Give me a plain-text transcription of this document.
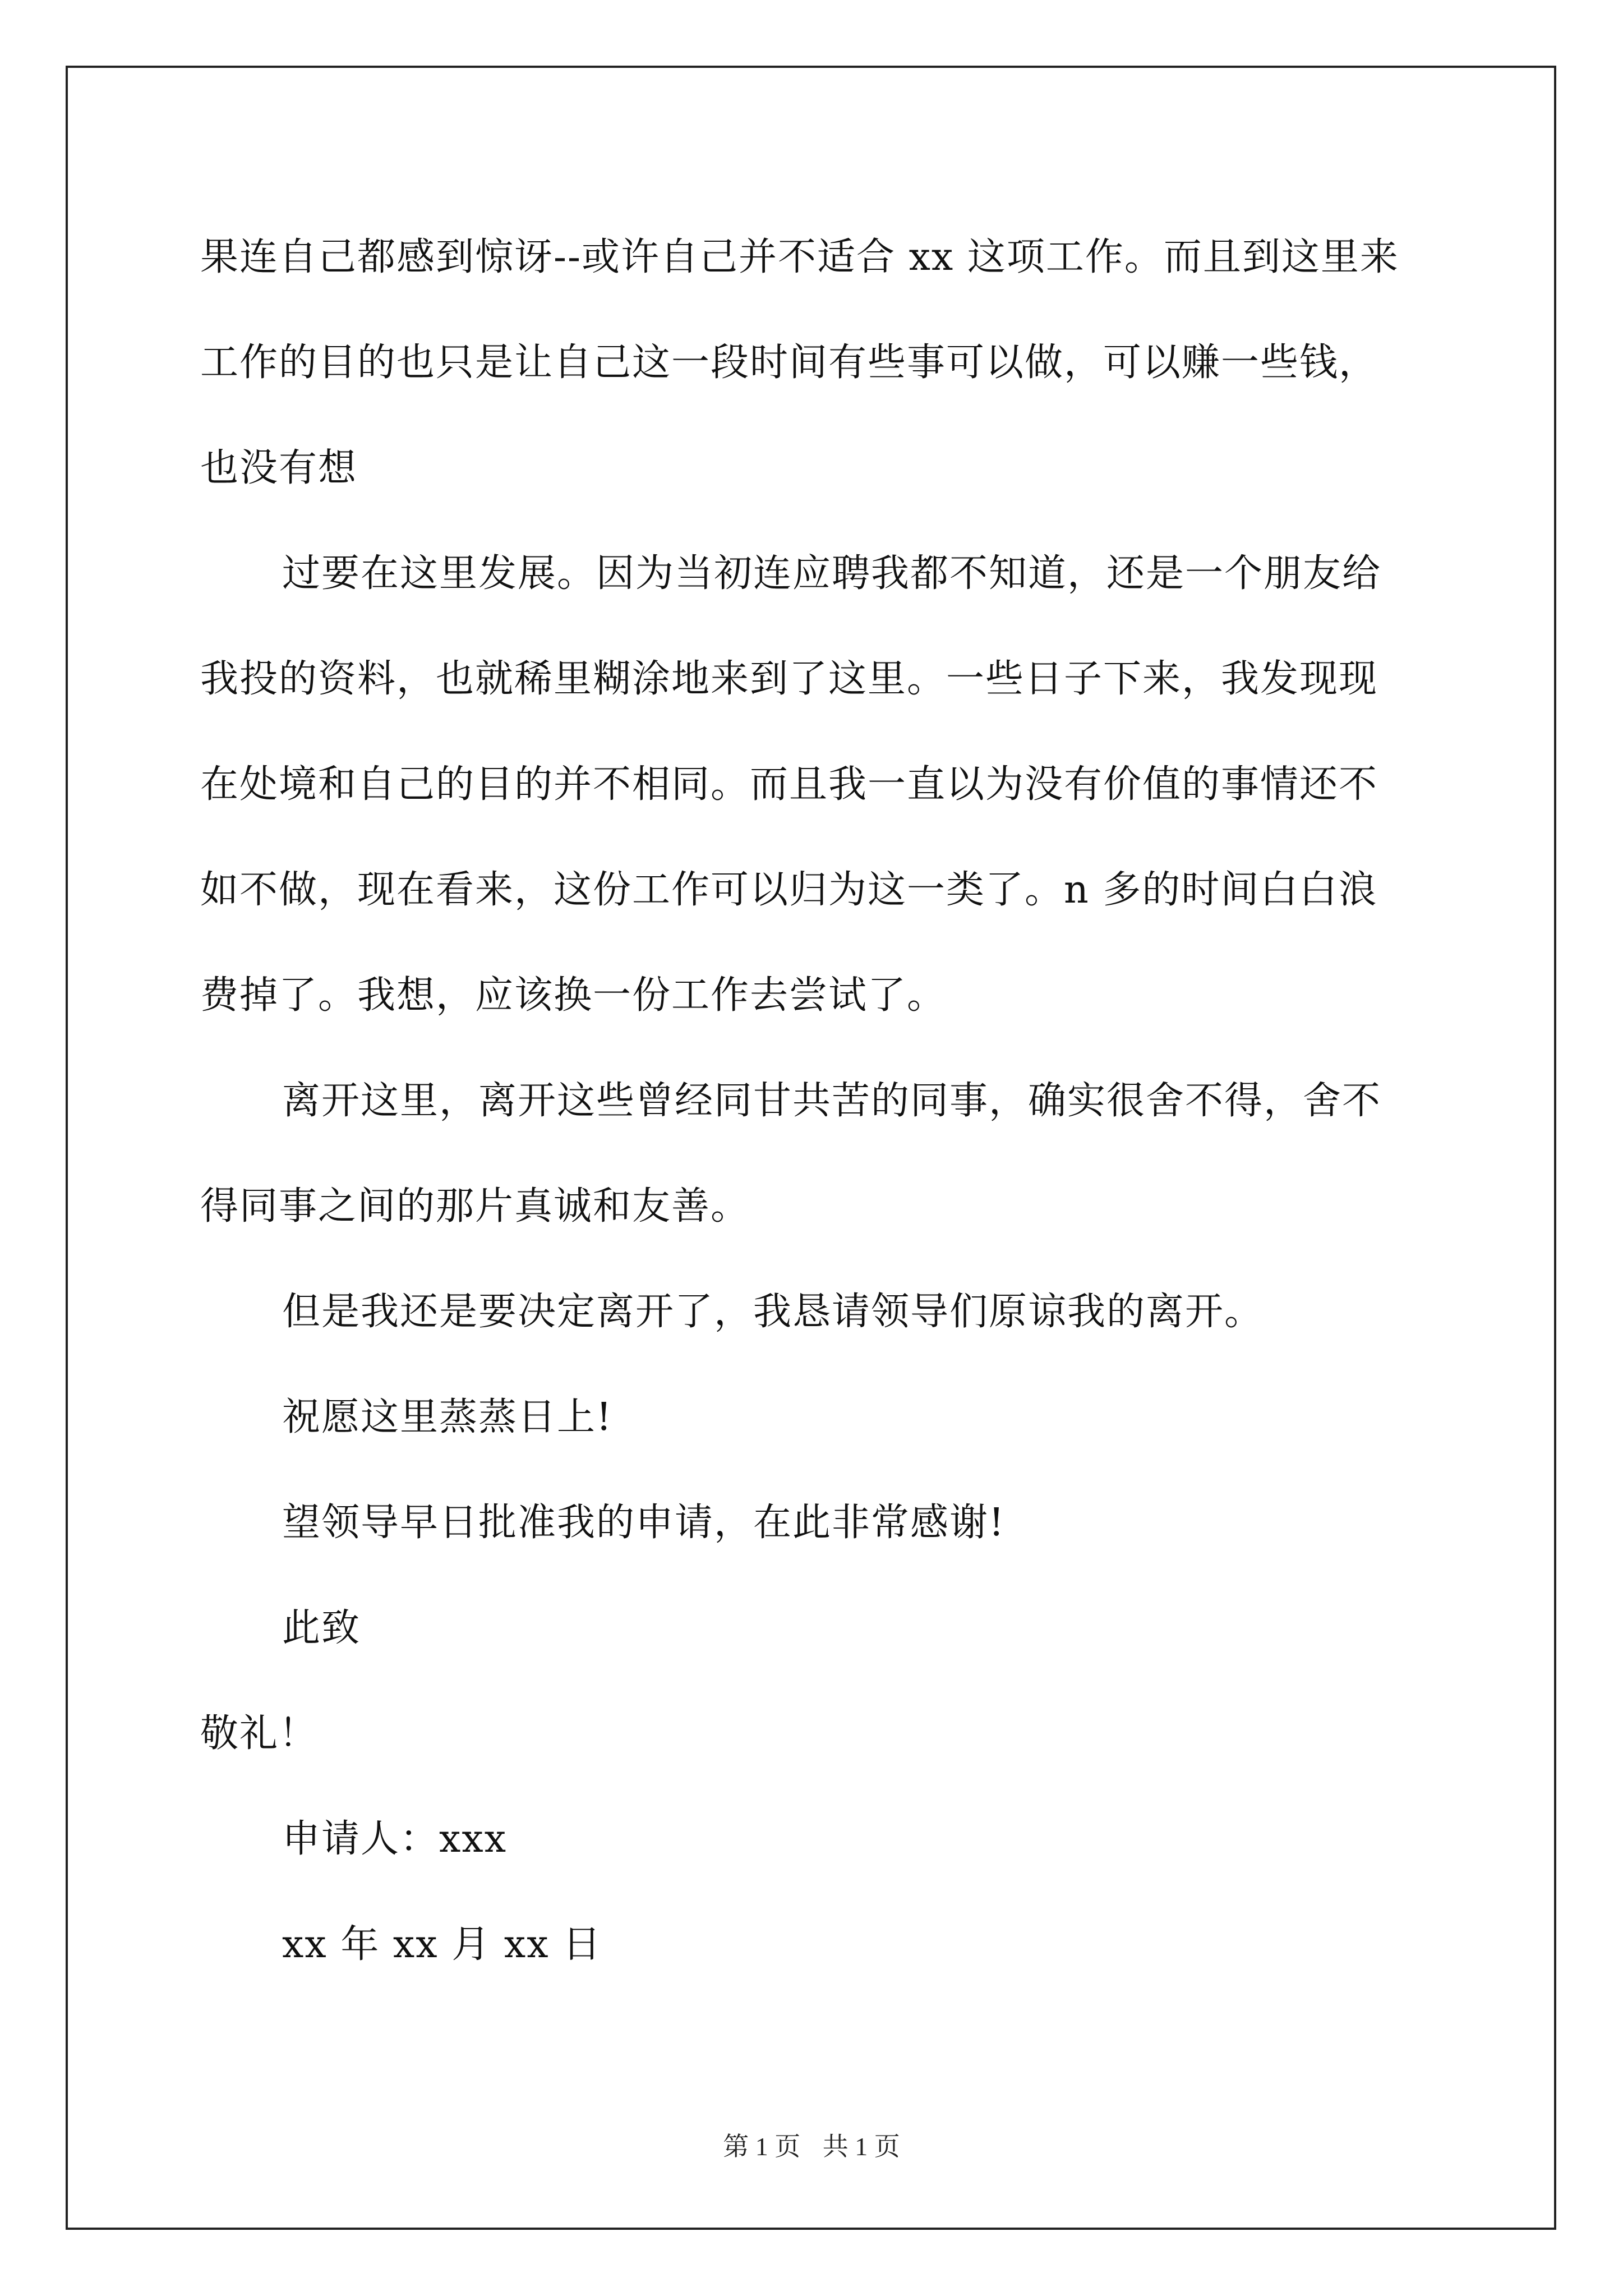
果连自己都感到惊讶--或许自己并不适合 xx 这项工作。而且到这里来
工作的目的也只是让自己这一段时间有些事可以做，可以赚一些钱，
也没有想
过要在这里发展。因为当初连应聘我都不知道，还是一个朋友给
我投的资料，也就稀里糊涂地来到了这里。一些日子下来，我发现现
在处境和自己的目的并不相同。而且我一直以为没有价值的事情还不
如不做，现在看来，这份工作可以归为这一类了。n 多的时间白白浪
费掉了。我想，应该换一份工作去尝试了。
离开这里，离开这些曾经同甘共苦的同事，确实很舍不得，舍不
得同事之间的那片真诚和友善。
但是我还是要决定离开了，我恳请领导们原谅我的离开。
祝愿这里蒸蒸日上!
望领导早日批准我的申请，在此非常感谢!
此致
敬礼！
申请人：xxx
xx 年 xx 月 xx 日
第 1 页 共 1 页
